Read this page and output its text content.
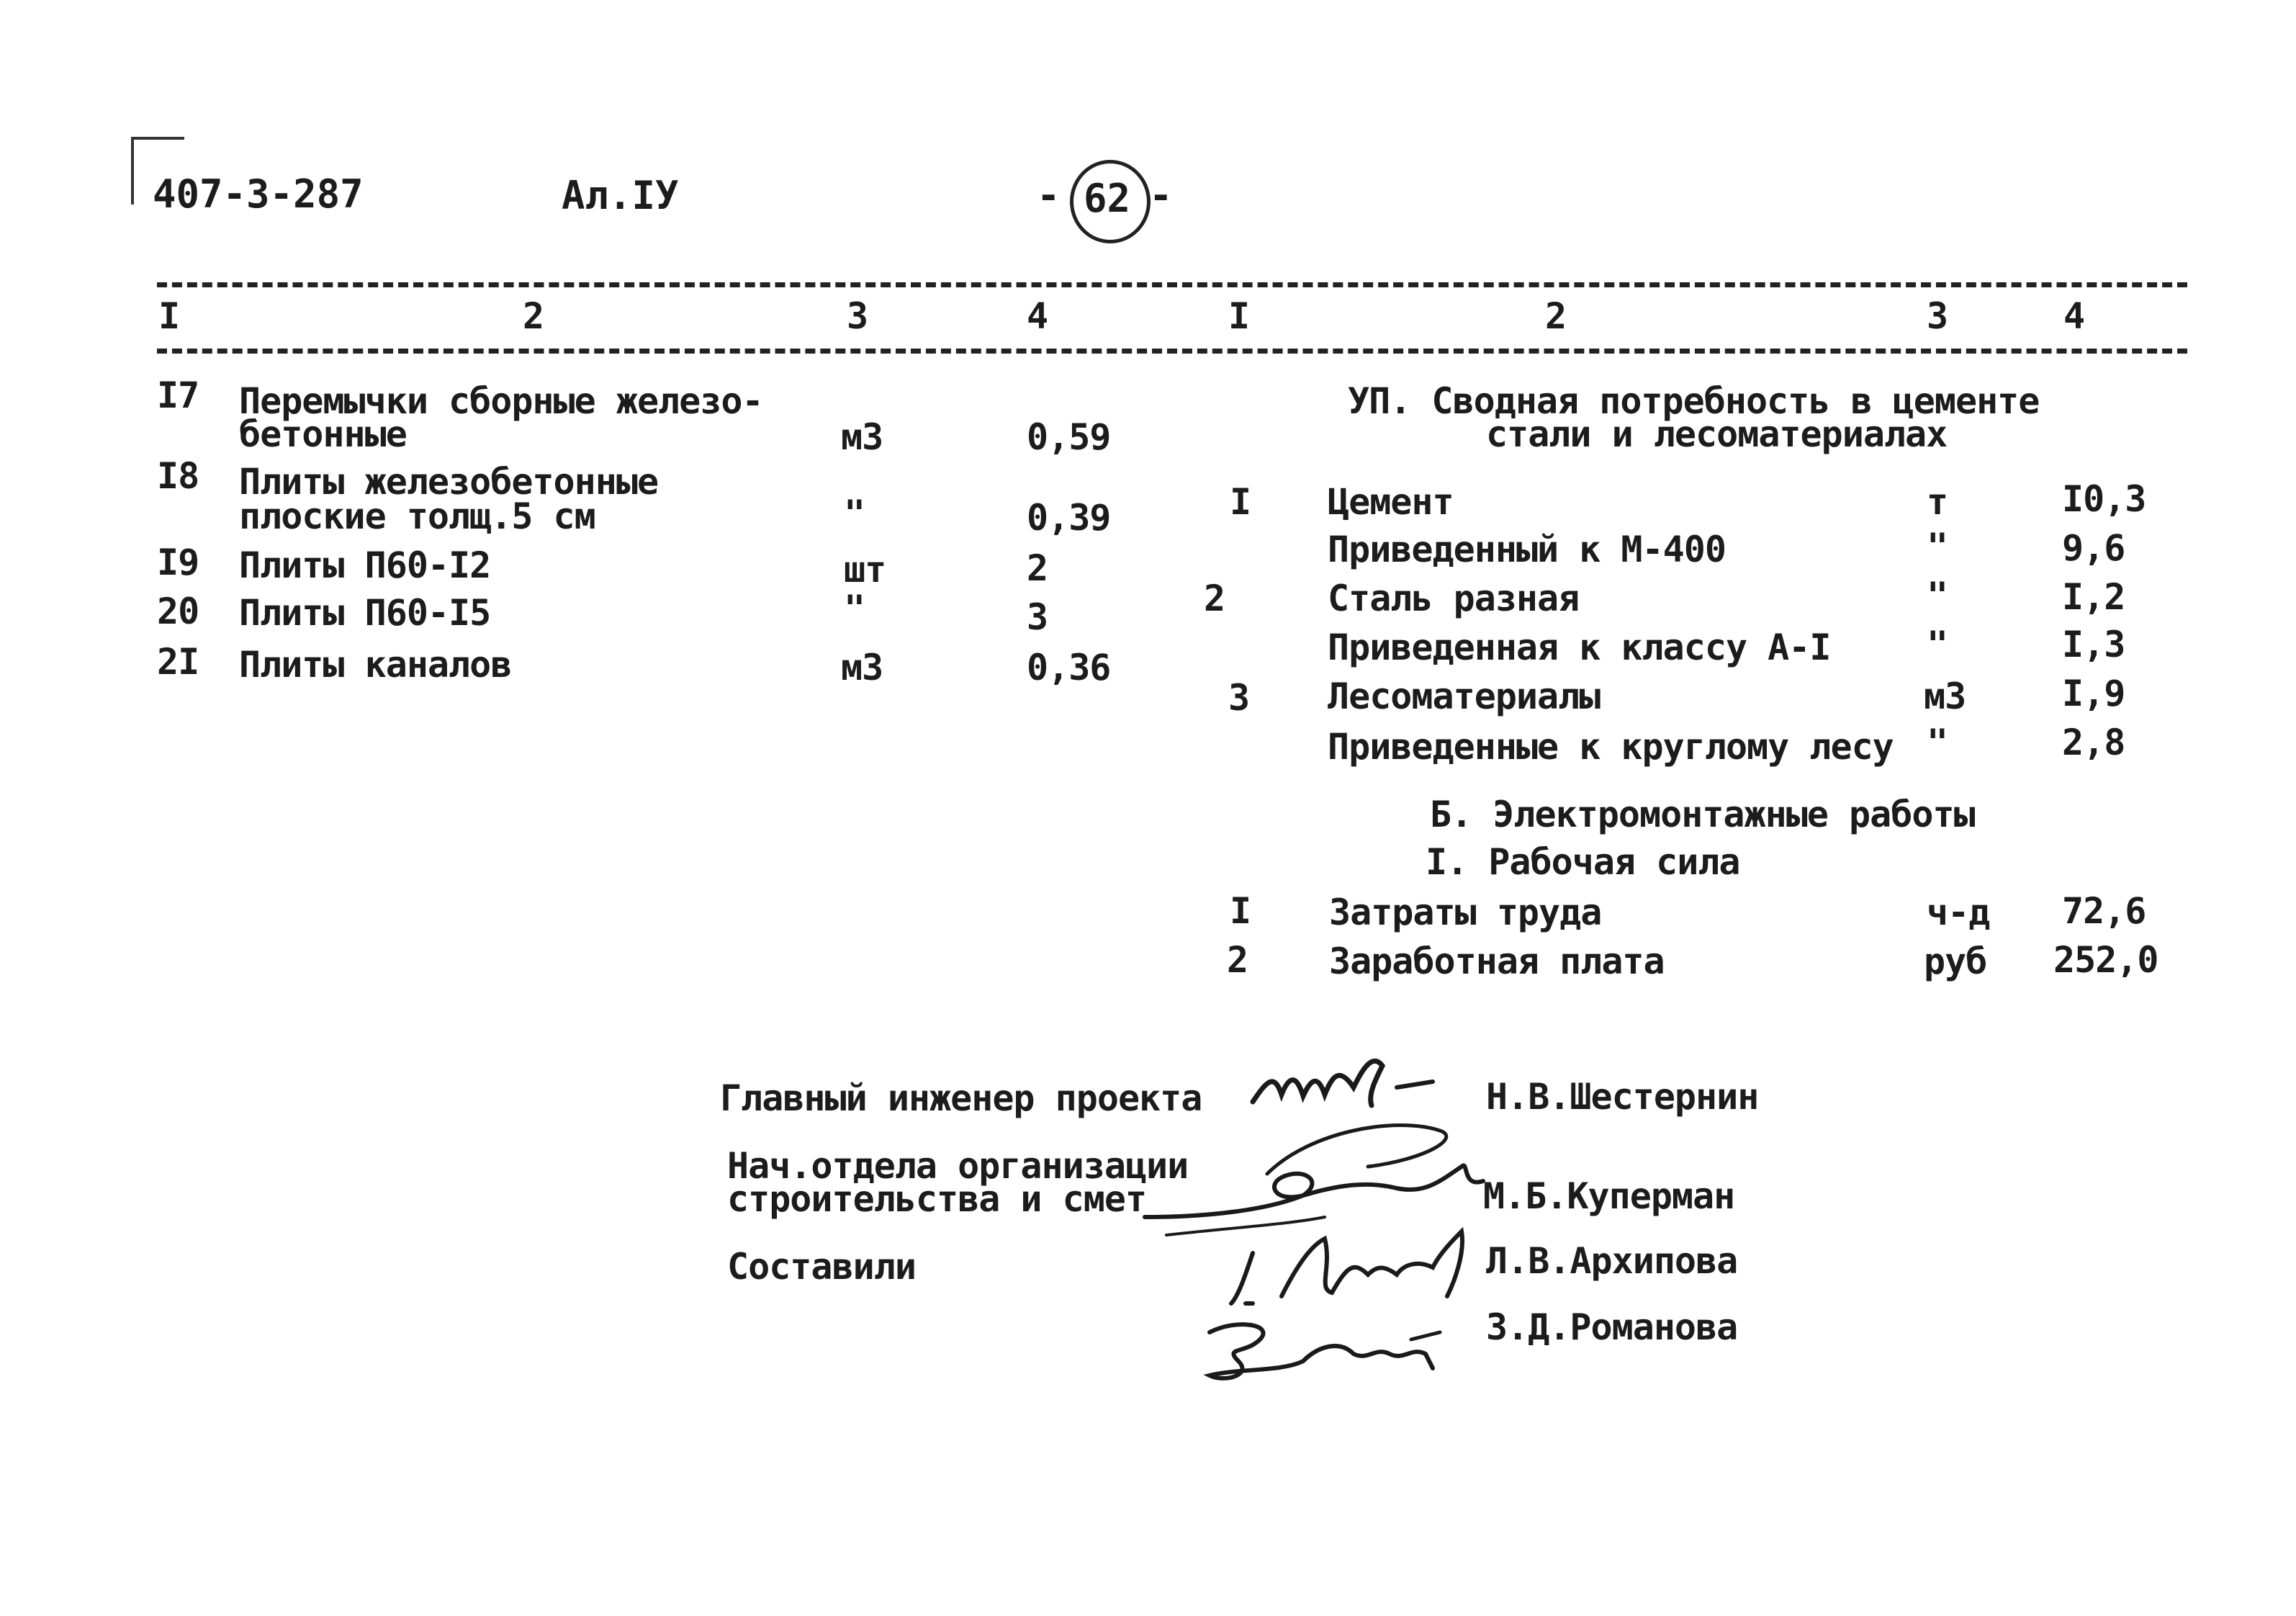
407-3-287	Ал.IУ	- 62 -
I	2	3	4	I	2	3	4
I7 Перемычки сборные железо-
бетонные	м3	0,59
I8 Плиты железобетонные
плоские толщ.5 см	"	0,39
I9 Плиты П60-I2	шт	2
20 Плиты П60-I5	"	3
2I Плиты каналов	м3	0,36
УП. Сводная потребность в цементе
стали и лесоматериалах
I Цемент	т	I0,3
Приведенный к М-400	"	9,6
2	Сталь разная	"	I,2
Приведенная к классу А-I	"	I,3
3 Лесоматериалы	м3	I,9
Приведенные к круглому лесу "	2,8
Б. Электромонтажные работы
I. Рабочая сила
I Затраты труда	ч-д 72,6
2 Заработная плата	руб 252,0
Главный инженер проекта	Н.В.Шестернин
Нач.отдела организации
строительства и смет	М.Б.Куперман
Составили	Л.В.Архипова
З.Д.Романова
